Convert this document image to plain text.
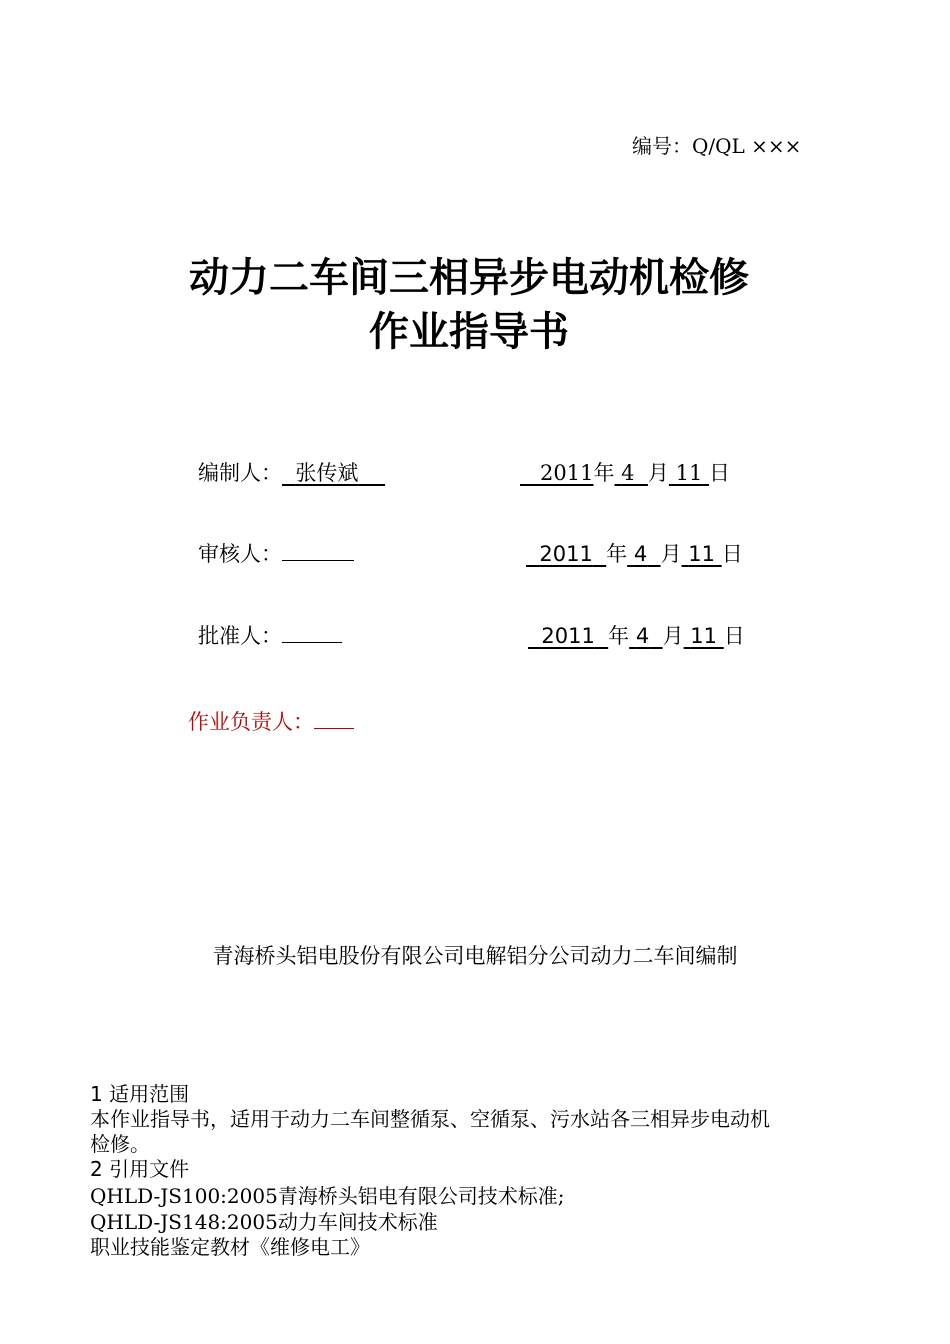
编号：Q/QL ×××
动力二车间三相异步电动机检修
作业指导书
编制人： 张传斌	2011年 4 月 11 日
审核人：	2011 年 4 月 11 日
批准人：	2011 年 4 月 11 日
作业负责人：
青海桥头铝电股份有限公司电解铝分公司动力二车间编制
1 适用范围
本作业指导书，适用于动力二车间整循泵、空循泵、污水站各三相异步电动机
检修。
2 引用文件
QHLD-JS100:2005青海桥头铝电有限公司技术标准;
QHLD-JS148:2005动力车间技术标准
职业技能鉴定教材《维修电工》
